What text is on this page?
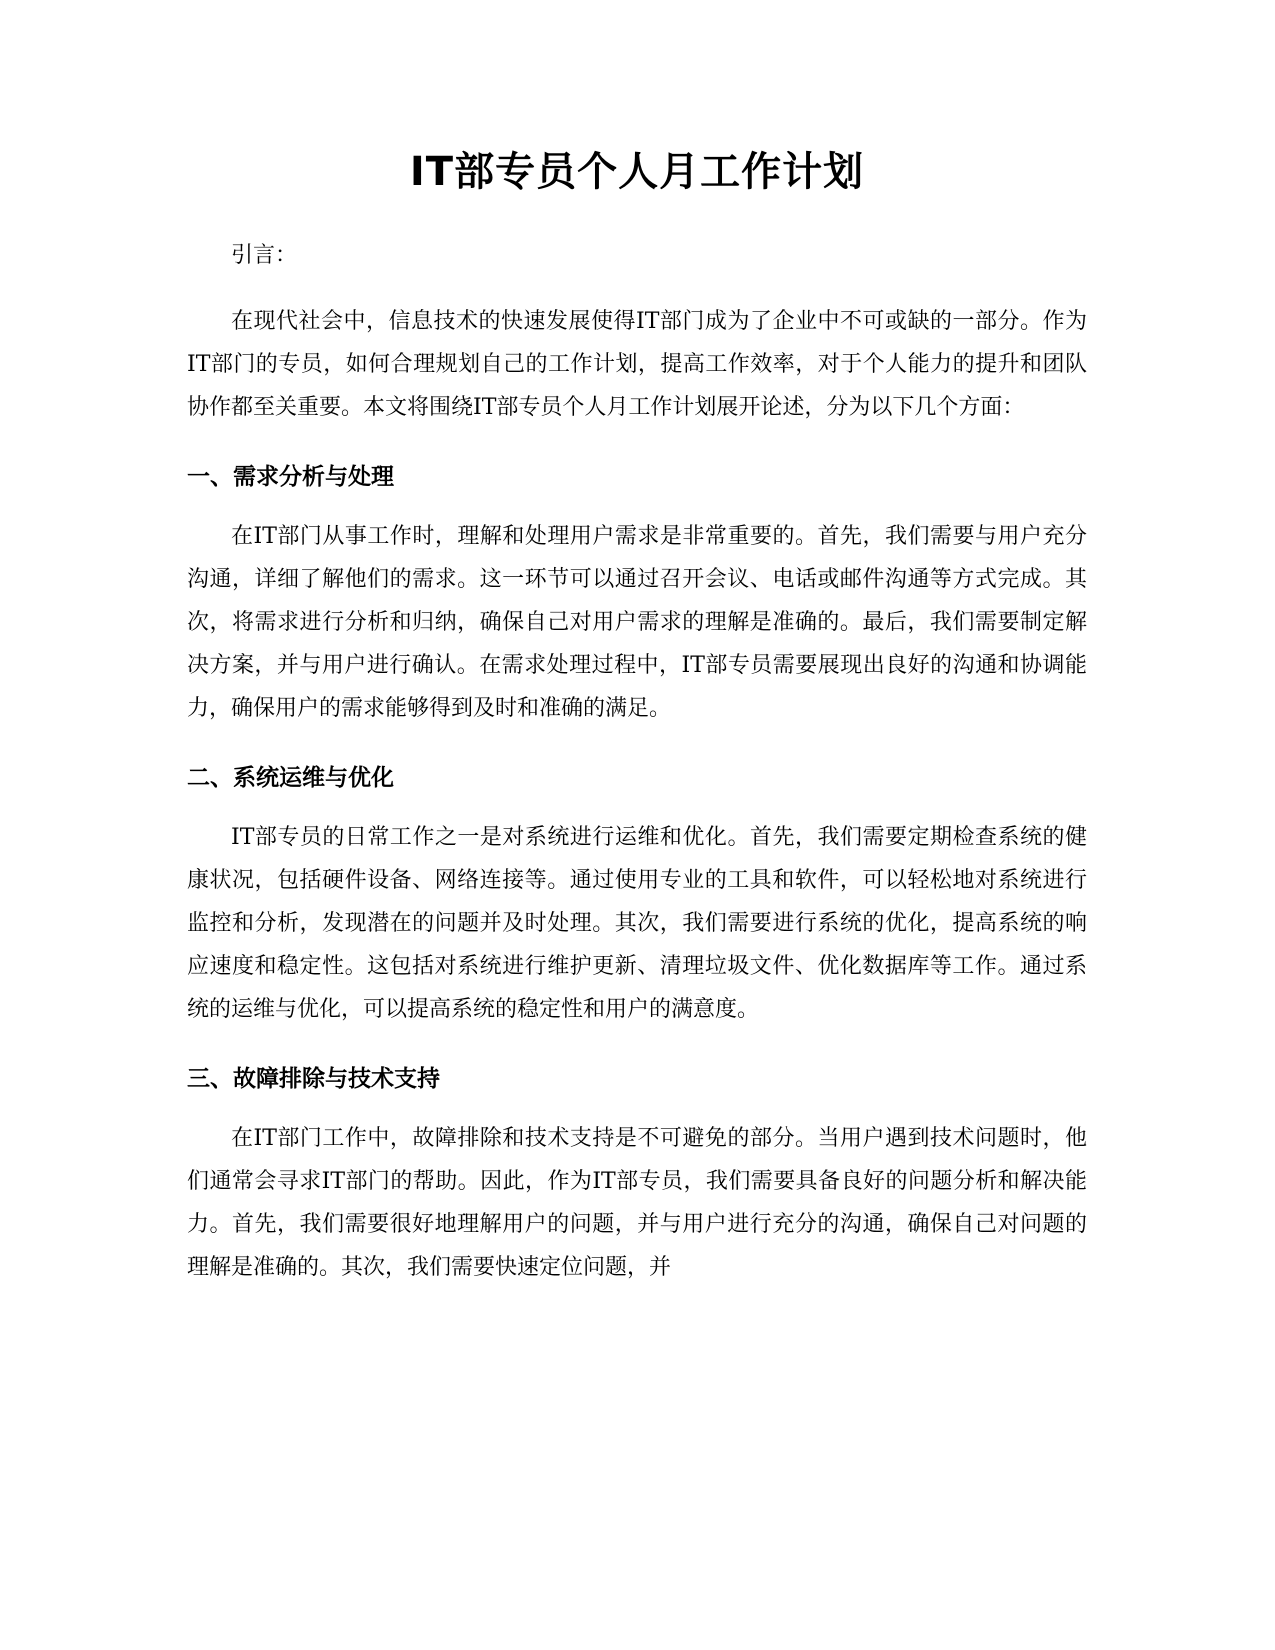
IT部专员个人月工作计划

引言：

在现代社会中，信息技术的快速发展使得IT部门成为了企业中不可或缺的一部分。作为IT部门的专员，如何合理规划自己的工作计划，提高工作效率，对于个人能力的提升和团队协作都至关重要。本文将围绕IT部专员个人月工作计划展开论述，分为以下几个方面：

一、需求分析与处理

在IT部门从事工作时，理解和处理用户需求是非常重要的。首先，我们需要与用户充分沟通，详细了解他们的需求。这一环节可以通过召开会议、电话或邮件沟通等方式完成。其次，将需求进行分析和归纳，确保自己对用户需求的理解是准确的。最后，我们需要制定解决方案，并与用户进行确认。在需求处理过程中，IT部专员需要展现出良好的沟通和协调能力，确保用户的需求能够得到及时和准确的满足。

二、系统运维与优化

IT部专员的日常工作之一是对系统进行运维和优化。首先，我们需要定期检查系统的健康状况，包括硬件设备、网络连接等。通过使用专业的工具和软件，可以轻松地对系统进行监控和分析，发现潜在的问题并及时处理。其次，我们需要进行系统的优化，提高系统的响应速度和稳定性。这包括对系统进行维护更新、清理垃圾文件、优化数据库等工作。通过系统的运维与优化，可以提高系统的稳定性和用户的满意度。

三、故障排除与技术支持

在IT部门工作中，故障排除和技术支持是不可避免的部分。当用户遇到技术问题时，他们通常会寻求IT部门的帮助。因此，作为IT部专员，我们需要具备良好的问题分析和解决能力。首先，我们需要很好地理解用户的问题，并与用户进行充分的沟通，确保自己对问题的理解是准确的。其次，我们需要快速定位问题，并
